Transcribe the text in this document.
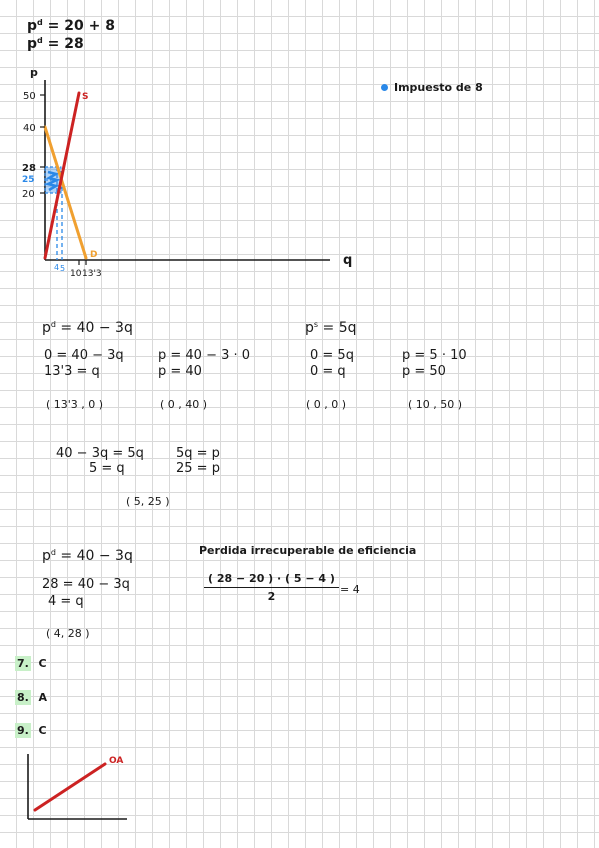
$p^d = 20 + 8$
$p^d = 28$
p
q
S
D
50
40
28
25
20
4 5
10 13'3
Impuesto de 8
$p^d = 40 - 3q$	$p^s = 5q$
0 = 40 − 3q
13'3 = q
p = 40 − 3 · 0
p = 40
0 = 5q
0 = q
p = 5 · 10
p = 50
( 13'3 , 0 )	( 0 , 40 )	( 0 , 0 )	( 10 , 50 )
40 − 3q = 5q
5 = q
5q = p
25 = p
( 5, 25 )
$p^d = 40 - 3q$
28 = 40 − 3q
4 = q
( 4, 28 )
Perdida irrecuperable de eficiencia
$\frac{( 28 - 20 ) \cdot ( 5 - 4 )}{2} = 4$
7. C
8. A
9. C
OA
